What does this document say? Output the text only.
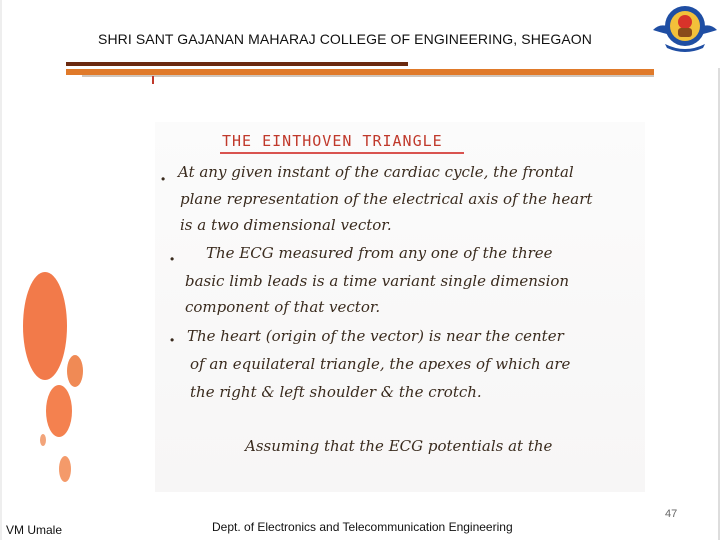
SHRI SANT GAJANAN MAHARAJ COLLEGE OF ENGINEERING, SHEGAON
THE EINTHOVEN TRIANGLE
•
•
•
At any given instant of the cardiac cycle, the frontal
plane representation of the electrical axis of the heart
is a two dimensional vector.
The ECG measured from any one of the three
basic limb leads is a time variant single dimension
component of that vector.
The heart (origin of the vector) is near the center
of an equilateral triangle, the apexes of which are
the right & left shoulder & the crotch.
Assuming that the ECG potentials at the
VM Umale	Dept. of Electronics and Telecommunication Engineering
47
